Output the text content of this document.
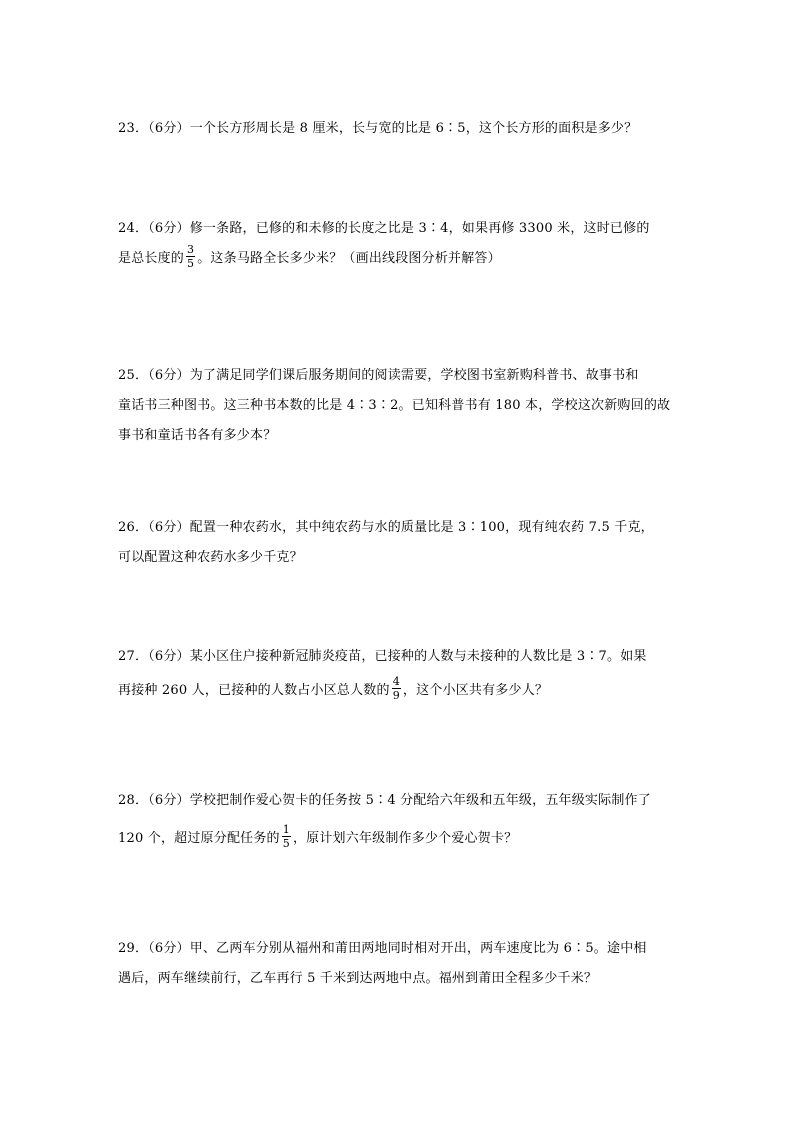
23．（6分）一个长方形周长是 8 厘米，长与宽的比是 6∶5，这个长方形的面积是多少？
24．（6分）修一条路，已修的和未修的长度之比是 3∶4，如果再修 3300 米，这时已修的
是总长度的 $\frac{3}{5}$ 。这条马路全长多少米？（画出线段图分析并解答）
25．（6分）为了满足同学们课后服务期间的阅读需要，学校图书室新购科普书、故事书和
童话书三种图书。这三种书本数的比是 4∶3∶2。已知科普书有 180 本，学校这次新购回的故
事书和童话书各有多少本？
26．（6分）配置一种农药水，其中纯农药与水的质量比是 3∶100，现有纯农药 7.5 千克，
可以配置这种农药水多少千克？
27．（6分）某小区住户接种新冠肺炎疫苗，已接种的人数与未接种的人数比是 3∶7。如果
再接种 260 人，已接种的人数占小区总人数的 $\frac{4}{9}$ ，这个小区共有多少人？
28．（6分）学校把制作爱心贺卡的任务按 5∶4 分配给六年级和五年级，五年级实际制作了
120 个，超过原分配任务的 $\frac{1}{5}$ ，原计划六年级制作多少个爱心贺卡？
29．（6分）甲、乙两车分别从福州和莆田两地同时相对开出，两车速度比为 6∶5。途中相
遇后，两车继续前行，乙车再行 5 千米到达两地中点。福州到莆田全程多少千米？
